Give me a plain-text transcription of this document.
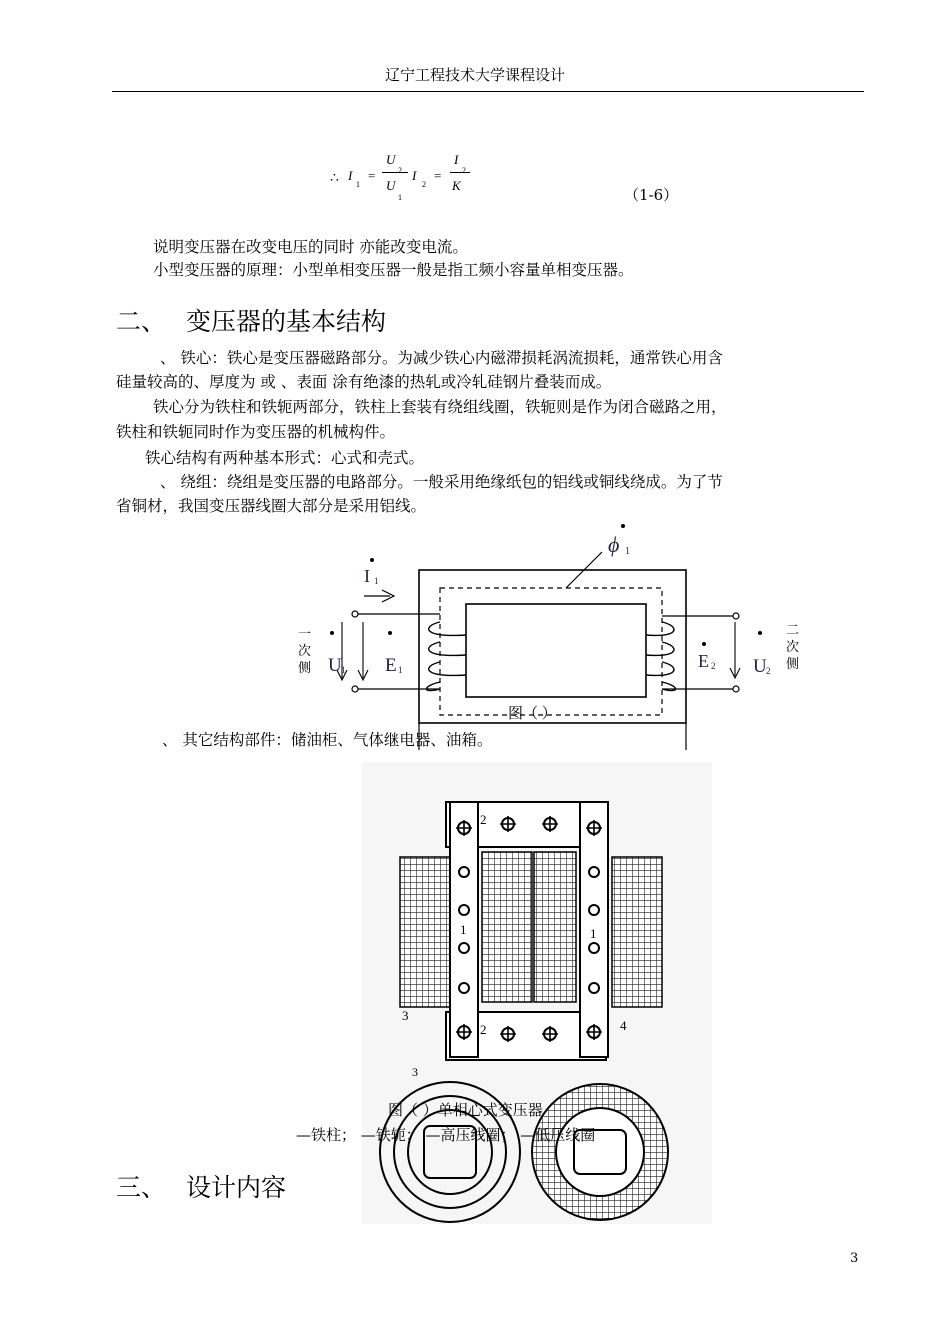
辽宁工程技术大学课程设计
∴ I
1
=
U
2
U
1
I
2
=
I
2
K
（1-6）
说明变压器在改变电压的同时 亦能改变电流。
小型变压器的原理：小型单相变压器一般是指工频小容量单相变压器。
二、 变压器的基本结构
、 铁心：铁心是变压器磁路部分。为减少铁心内磁滞损耗涡流损耗，通常铁心用含
硅量较高的、厚度为 或 、表面 涂有绝漆的热轧或冷轧硅钢片叠装而成。
铁心分为铁柱和铁轭两部分，铁柱上套装有绕组线圈，铁轭则是作为闭合磁路之用，
铁柱和铁轭同时作为变压器的机械构件。
铁心结构有两种基本形式：心式和壳式。
、 绕组：绕组是变压器的电路部分。一般采用绝缘纸包的铝线或铜线绕成。为了节
省铜材，我国变压器线圈大部分是采用铝线。
ϕ 1
I 1
U 1 E 1
一
次
侧	E 2 U 2
二
次
侧
图（ ）
、 其它结构部件：储油柜、气体继电器、油箱。
2
1	1
3
2	4
3
图（ ）单相心式变压器
—铁柱； —铁轭； —高压线圈； —低压线圈
三、 设计内容
3
